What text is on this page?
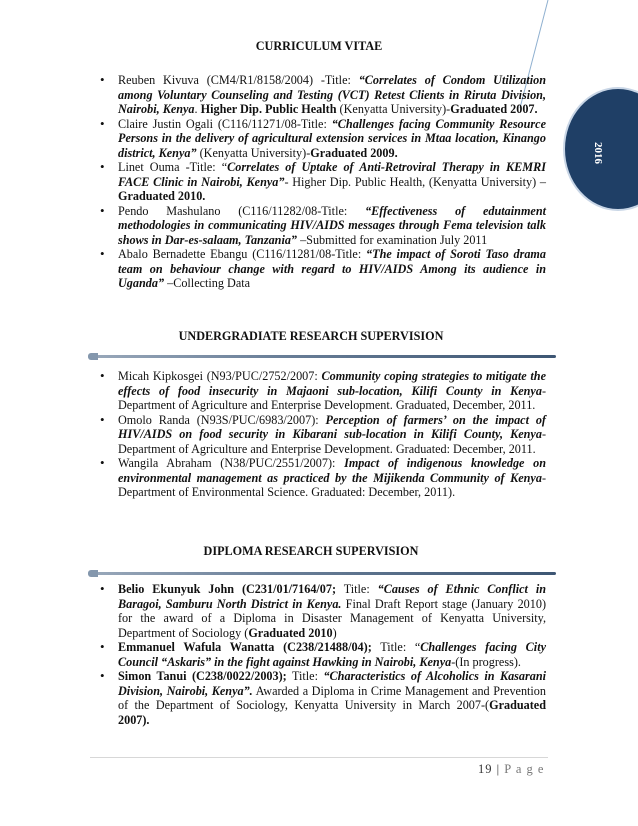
2016
CURRICULUM VITAE
• Reuben Kivuva (CM4/R1/8158/2004) -Title: “Correlates of Condom Utilization among Voluntary Counseling and Testing (VCT) Retest Clients in Riruta Division, Nairobi, Kenya. Higher Dip. Public Health (Kenyatta University)-Graduated 2007.
• Claire Justin Ogali (C116/11271/08-Title: “Challenges facing Community Resource Persons in the delivery of agricultural extension services in Mtaa location, Kinango district, Kenya” (Kenyatta University)-Graduated 2009.
• Linet Ouma -Title: “Correlates of Uptake of Anti-Retroviral Therapy in KEMRI FACE Clinic in Nairobi, Kenya”- Higher Dip. Public Health, (Kenyatta University) –Graduated 2010.
• Pendo Mashulano (C116/11282/08-Title: “Effectiveness of edutainment methodologies in communicating HIV/AIDS messages through Fema television talk shows in Dar-es-salaam, Tanzania” –Submitted for examination July 2011
• Abalo Bernadette Ebangu (C116/11281/08-Title: “The impact of Soroti Taso drama team on behaviour change with regard to HIV/AIDS Among its audience in Uganda” –Collecting Data
UNDERGRADIATE RESEARCH SUPERVISION
• Micah Kipkosgei (N93/PUC/2752/2007: Community coping strategies to mitigate the effects of food insecurity in Majaoni sub-location, Kilifi County in Kenya-Department of Agriculture and Enterprise Development. Graduated, December, 2011.
• Omolo Randa (N93S/PUC/6983/2007): Perception of farmers’ on the impact of HIV/AIDS on food security in Kibarani sub-location in Kilifi County, Kenya-Department of Agriculture and Enterprise Development. Graduated: December, 2011.
• Wangila Abraham (N38/PUC/2551/2007): Impact of indigenous knowledge on environmental management as practiced by the Mijikenda Community of Kenya-Department of Environmental Science. Graduated: December, 2011).
DIPLOMA RESEARCH SUPERVISION
• Belio Ekunyuk John (C231/01/7164/07; Title: “Causes of Ethnic Conflict in Baragoi, Samburu North District in Kenya. Final Draft Report stage (January 2010) for the award of a Diploma in Disaster Management of Kenyatta University, Department of Sociology (Graduated 2010)
• Emmanuel Wafula Wanatta (C238/21488/04); Title: “Challenges facing City Council “Askaris” in the fight against Hawking in Nairobi, Kenya-(In progress).
• Simon Tanui (C238/0022/2003); Title: “Characteristics of Alcoholics in Kasarani Division, Nairobi, Kenya”. Awarded a Diploma in Crime Management and Prevention of the Department of Sociology, Kenyatta University in March 2007-(Graduated 2007).
19 | P a g e
